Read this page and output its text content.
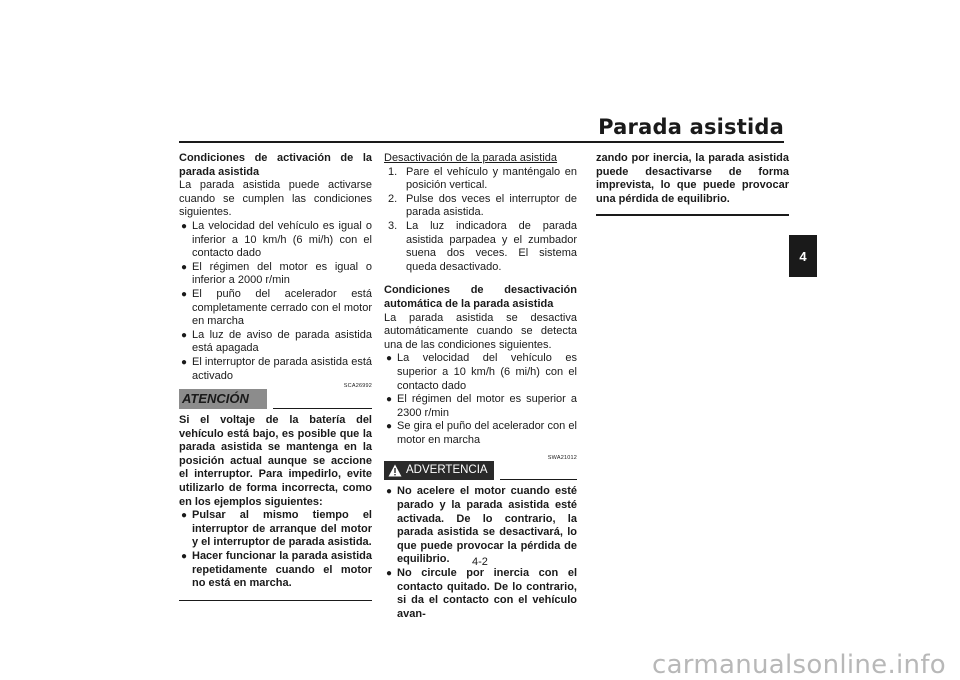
Parada asistida
4

Condiciones de activación de la parada asistida

La parada asistida puede activarse cuando se cumplen las condiciones siguientes.

● La velocidad del vehículo es igual o inferior a 10 km/h (6 mi/h) con el contacto dado

● El régimen del motor es igual o inferior a 2000 r/min

● El puño del acelerador está completamente cerrado con el motor en marcha

● La luz de aviso de parada asistida está apagada

● El interruptor de parada asistida está activado

SCA26992
ATENCIÓN

Si el voltaje de la batería del vehículo está bajo, es posible que la parada asistida se mantenga en la posición actual aunque se accione el interruptor. Para impedirlo, evite utilizarlo de forma incorrecta, como en los ejemplos siguientes:

● Pulsar al mismo tiempo el interruptor de arranque del motor y el interruptor de parada asistida.

● Hacer funcionar la parada asistida repetidamente cuando el motor no está en marcha.

Desactivación de la parada asistida

1. Pare el vehículo y manténgalo en posición vertical.

2. Pulse dos veces el interruptor de parada asistida.

3. La luz indicadora de parada asistida parpadea y el zumbador suena dos veces. El sistema queda desactivado.

Condiciones de desactivación automática de la parada asistida

La parada asistida se desactiva automáticamente cuando se detecta una de las condiciones siguientes.

● La velocidad del vehículo es superior a 10 km/h (6 mi/h) con el contacto dado

● El régimen del motor es superior a 2300 r/min

● Se gira el puño del acelerador con el motor en marcha

SWA21012
ADVERTENCIA

● No acelere el motor cuando esté parado y la parada asistida esté activada. De lo contrario, la parada asistida se desactivará, lo que puede provocar la pérdida de equilibrio.

● No circule por inercia con el contacto quitado. De lo contrario, si da el contacto con el vehículo avan-

zando por inercia, la parada asistida puede desactivarse de forma imprevista, lo que puede provocar una pérdida de equilibrio.

4-2
carmanualsonline.info
